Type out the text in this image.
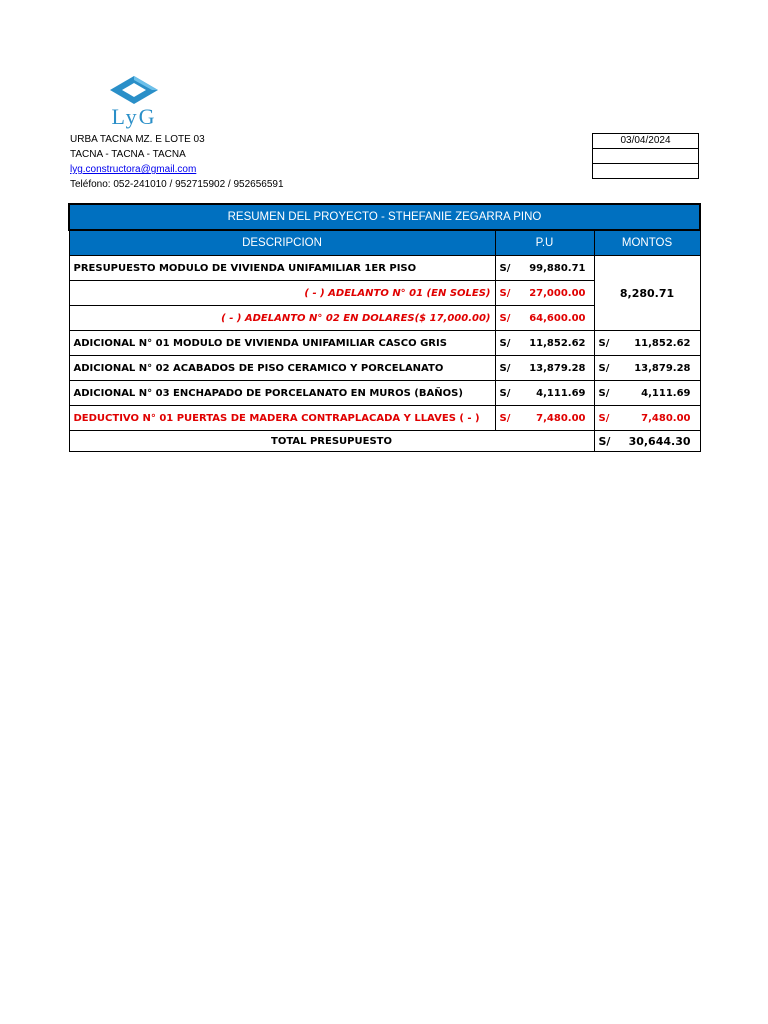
LyG
URBA TACNA MZ. E LOTE 03
TACNA - TACNA - TACNA
lyg.constructora@gmail.com
Teléfono: 052-241010 / 952715902 / 952656591
03/04/2024
RESUMEN DEL PROYECTO - STHEFANIE ZEGARRA PINO		
DESCRIPCION	P.U	MONTOS
PRESUPUESTO MODULO DE VIVIENDA UNIFAMILIAR 1ER PISO	S/ 99,880.71	8,280.71
( - ) ADELANTO N° 01 (EN SOLES)	S/ 27,000.00	
( - ) ADELANTO N° 02 EN DOLARES($ 17,000.00)	S/ 64,600.00	
ADICIONAL N° 01 MODULO DE VIVIENDA UNIFAMILIAR CASCO GRIS	S/ 11,852.62	S/ 11,852.62
ADICIONAL N° 02 ACABADOS DE PISO CERAMICO Y PORCELANATO	S/ 13,879.28	S/ 13,879.28
ADICIONAL N° 03 ENCHAPADO DE PORCELANATO EN MUROS (BAÑOS)	S/ 4,111.69	S/ 4,111.69
DEDUCTIVO N° 01 PUERTAS DE MADERA CONTRAPLACADA Y LLAVES ( - )	S/ 7,480.00	S/ 7,480.00
TOTAL PRESUPUESTO		S/ 30,644.30
